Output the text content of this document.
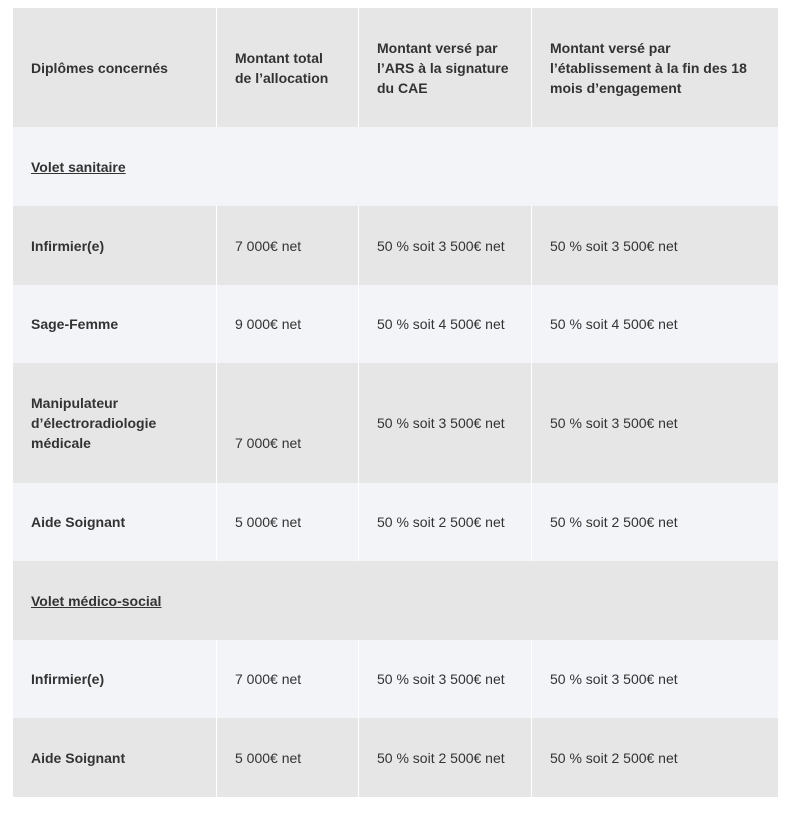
Diplômes concernés	Montant total de l’allocation	Montant versé par l’ARS à la signature du CAE	Montant versé par l’établissement à la fin des 18 mois d’engagement
Volet sanitaire			
Infirmier(e)	7 000€ net	50 % soit 3 500€ net	50 % soit 3 500€ net
Sage-Femme	9 000€ net	50 % soit 4 500€ net	50 % soit 4 500€ net
Manipulateur d’électroradiologie médicale	7 000€ net	50 % soit 3 500€ net	50 % soit 3 500€ net
Aide Soignant	5 000€ net	50 % soit 2 500€ net	50 % soit 2 500€ net
Volet médico-social			
Infirmier(e)	7 000€ net	50 % soit 3 500€ net	50 % soit 3 500€ net
Aide Soignant	5 000€ net	50 % soit 2 500€ net	50 % soit 2 500€ net
